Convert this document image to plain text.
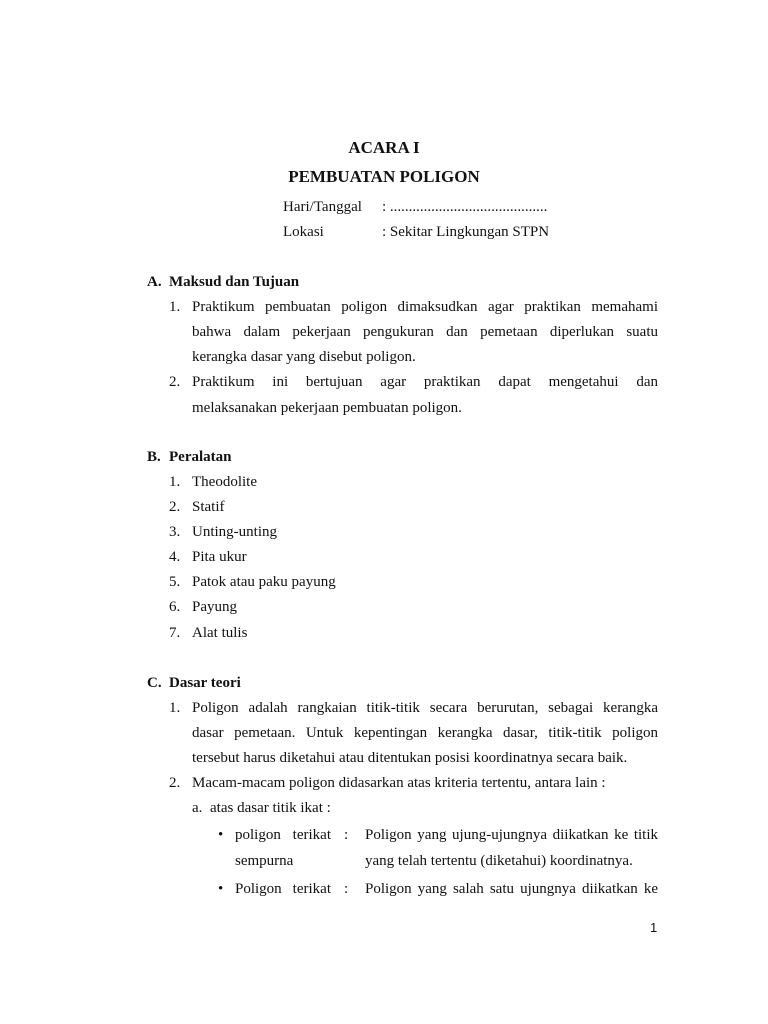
ACARA I
PEMBUATAN POLIGON
Hari/Tanggal : ..........................................
Lokasi	: Sekitar Lingkungan STPN
A. Maksud dan Tujuan
1. Praktikum pembuatan poligon dimaksudkan agar praktikan memahami
bahwa dalam pekerjaan pengukuran dan pemetaan diperlukan suatu
kerangka dasar yang disebut poligon.
2. Praktikum ini bertujuan agar praktikan dapat mengetahui dan
melaksanakan pekerjaan pembuatan poligon.
B. Peralatan
1. Theodolite
2. Statif
3. Unting-unting
4. Pita ukur
5. Patok atau paku payung
6. Payung
7. Alat tulis
C. Dasar teori
1. Poligon adalah rangkaian titik-titik secara berurutan, sebagai kerangka
dasar pemetaan. Untuk kepentingan kerangka dasar, titik-titik poligon
tersebut harus diketahui atau ditentukan posisi koordinatnya secara baik.
2. Macam-macam poligon didasarkan atas kriteria tertentu, antara lain :
a. atas dasar titik ikat :
• poligon terikat
sempurna
: Poligon yang ujung-ujungnya diikatkan ke titik
yang telah tertentu (diketahui) koordinatnya.
• Poligon terikat : Poligon yang salah satu ujungnya diikatkan ke
1
